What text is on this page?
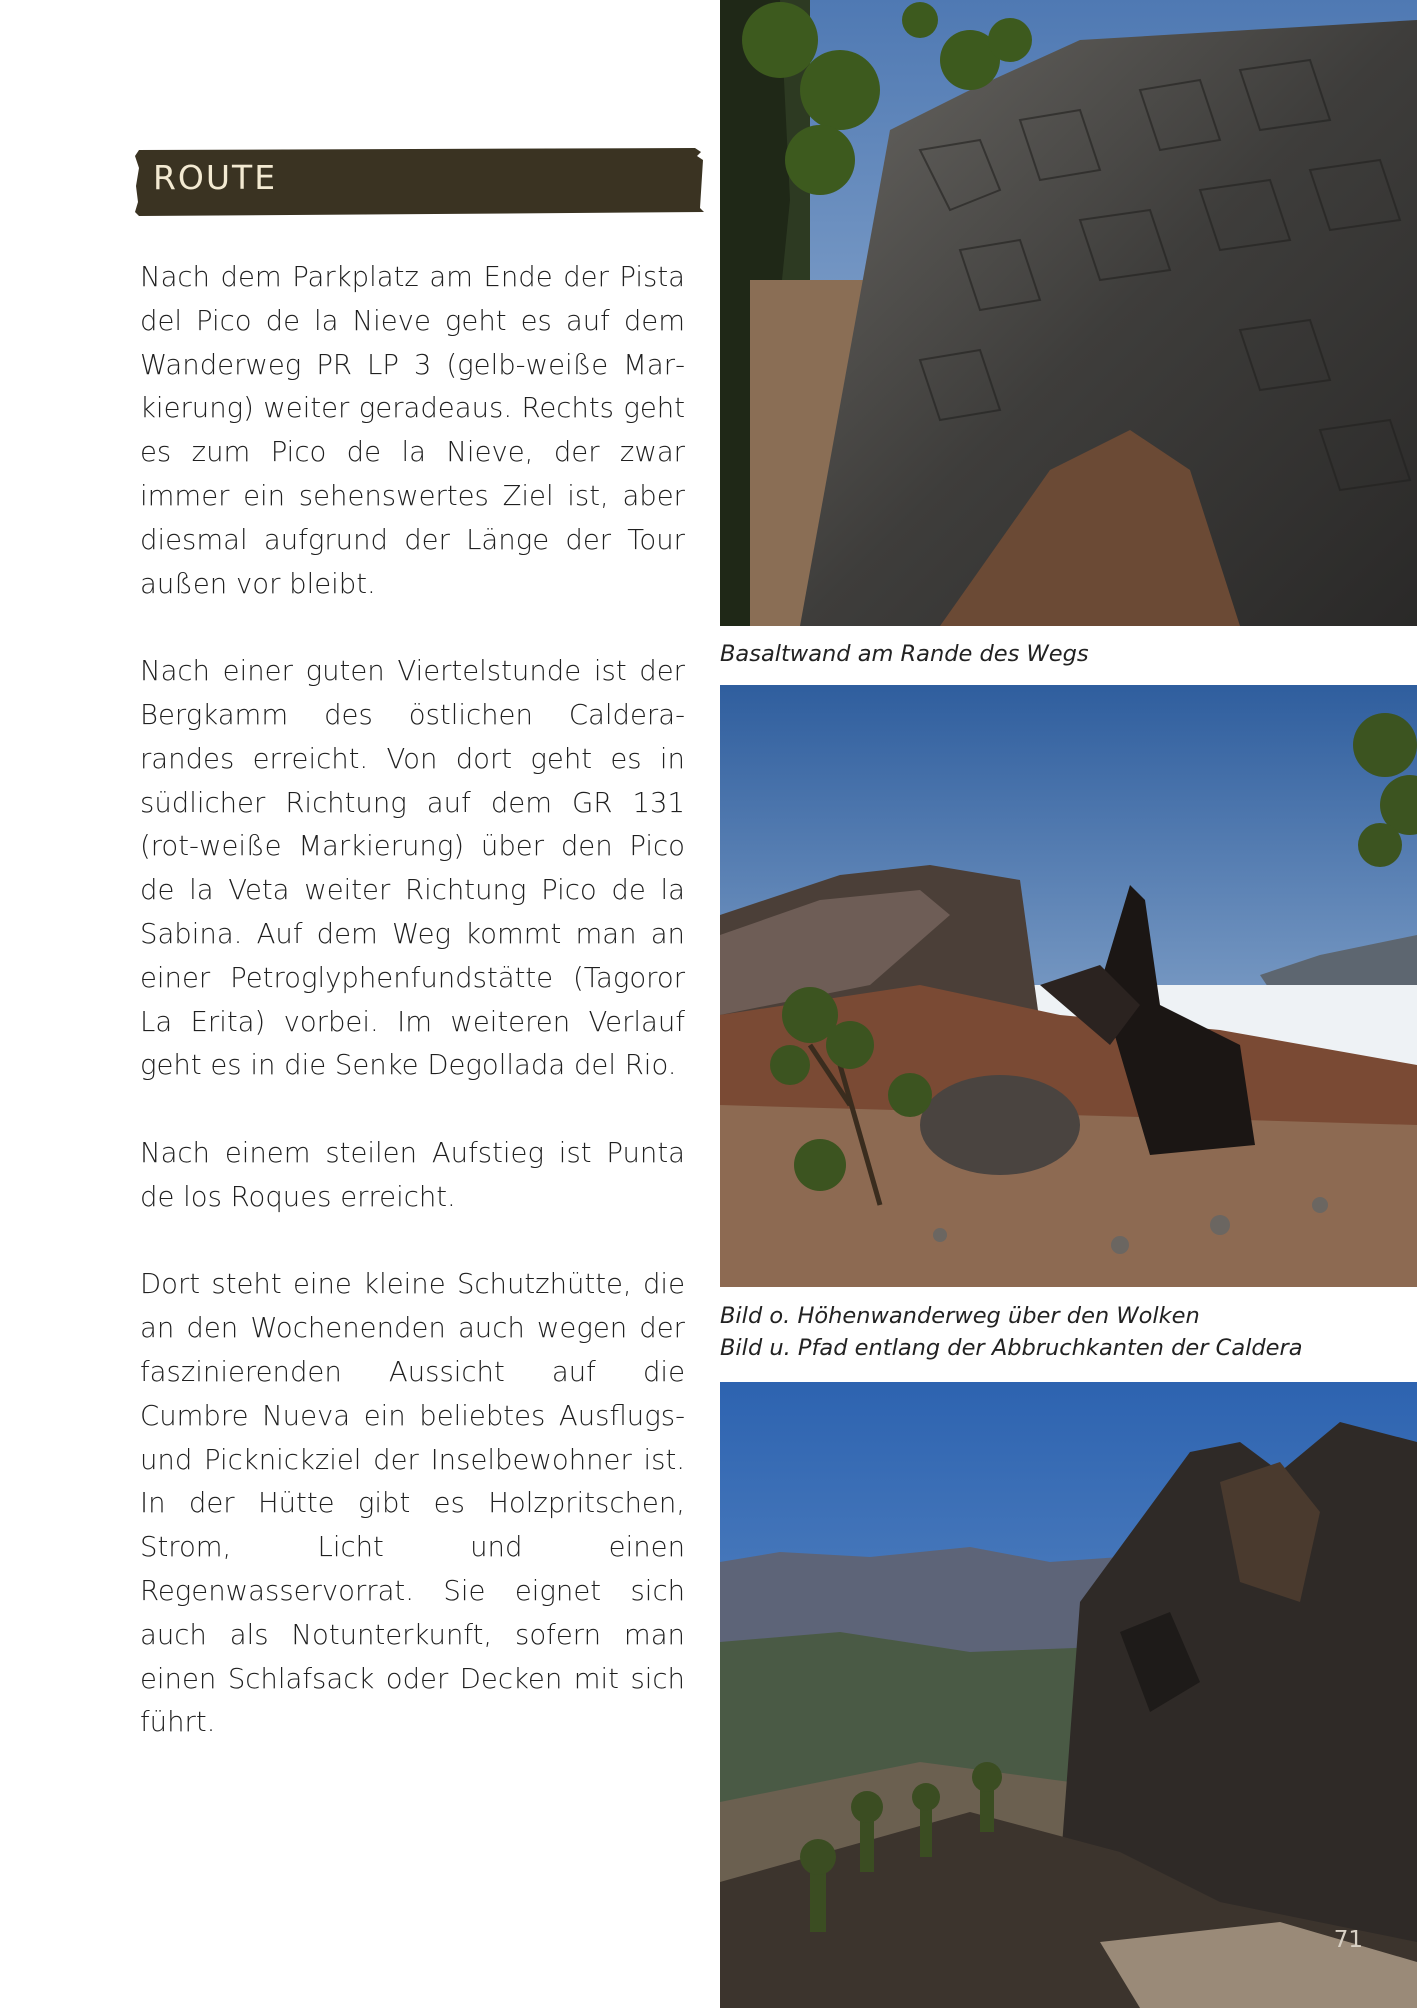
ROUTE

Nach dem Parkplatz am Ende der Pista del Pico de la Nieve geht es auf dem Wanderweg PR LP 3 (gelb-weiße Markierung) weiter geradeaus. Rechts geht es zum Pico de la Nieve, der zwar immer ein sehenswertes Ziel ist, aber diesmal aufgrund der Länge der Tour außen vor bleibt.

Nach einer guten Viertelstunde ist der Bergkamm des östlichen Calderarandes erreicht. Von dort geht es in südlicher Richtung auf dem GR 131 (rot-weiße Markierung) über den Pico de la Veta weiter Richtung Pico de la Sabina. Auf dem Weg kommt man an einer Petroglyphenfundstätte (Tagoror La Erita) vorbei. Im weiteren Verlauf geht es in die Senke Degollada del Rio.

Nach einem steilen Aufstieg ist Punta de los Roques erreicht.

Dort steht eine kleine Schutzhütte, die an den Wochenenden auch wegen der faszinierenden Aussicht auf die Cumbre Nueva ein beliebtes Ausflugs- und Picknickziel der Inselbewohner ist. In der Hütte gibt es Holzpritschen, Strom, Licht und einen Regenwasservorrat. Sie eignet sich auch als Notunterkunft, sofern man einen Schlafsack oder Decken mit sich führt.

Basaltwand am Rande des Wegs
Bild o. Höhenwanderweg über den Wolken
Bild u. Pfad entlang der Abbruchkanten der Caldera
71
